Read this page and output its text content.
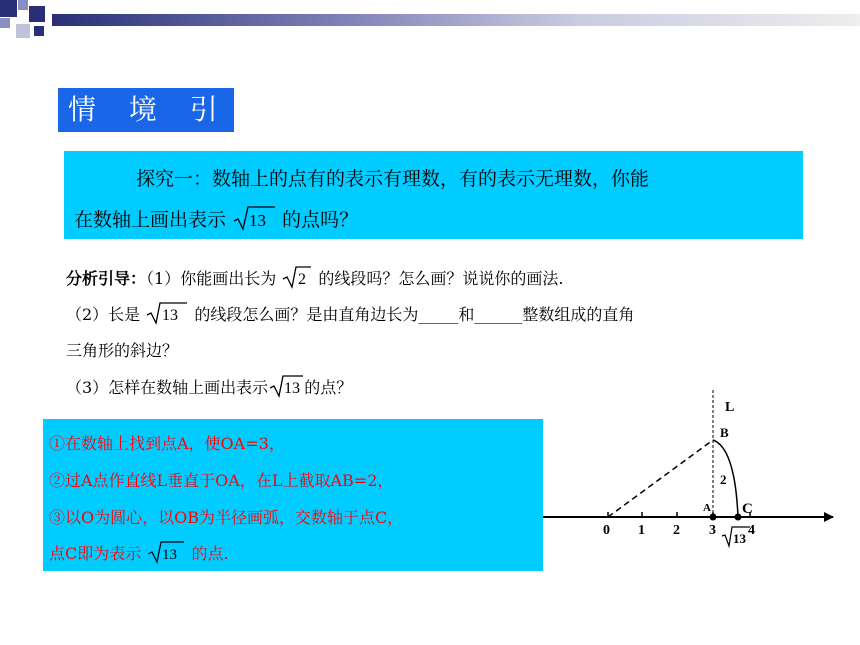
情 境 引
探究一：数轴上的点有的表示有理数，有的表示无理数，你能
在数轴上画出表示 13 的点吗？
分析引导：（1）你能画出长为 2 的线段吗？怎么画？说说你的画法.
（2）长是 13 的线段怎么画？是由直角边长为_____和______整数组成的直角
三角形的斜边？
（3）怎样在数轴上画出表示 13 的点？
①在数轴上找到点A，使OA=3，
②过A点作直线L垂直于OA，在L上截取AB=2，
③以O为圆心，以OB为半径画弧，交数轴于点C，
点C即为表示 13 的点.
L
B
2
A C
0 1 2 3 4
13
